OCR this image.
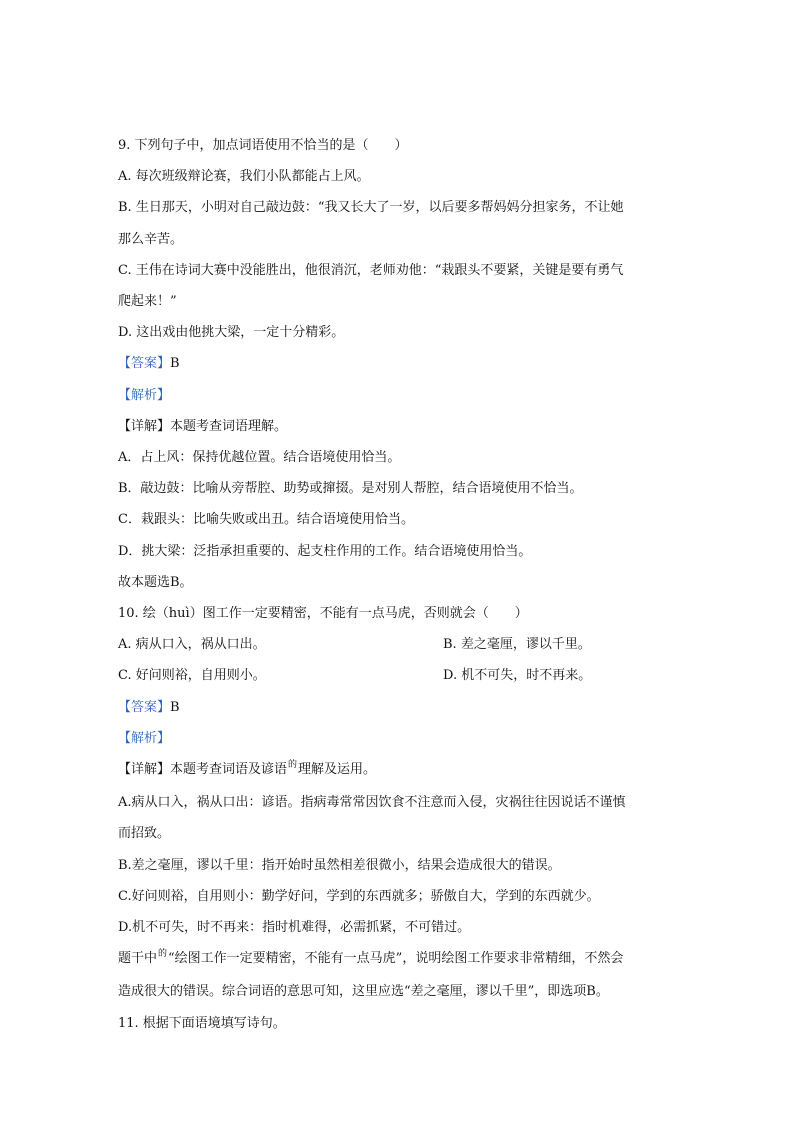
9. 下列句子中，加点词语使用不恰当的是（　　）
A. 每次班级辩论赛，我们小队都能占上风。
B. 生日那天，小明对自己敲边鼓：“我又长大了一岁，以后要多帮妈妈分担家务，不让她
那么辛苦。
C. 王伟在诗词大赛中没能胜出，他很消沉，老师劝他：“栽跟头不要紧，关键是要有勇气
爬起来！”
D. 这出戏由他挑大梁，一定十分精彩。
【答案】B
【解析】
【详解】本题考查词语理解。
A．占上风：保持优越位置。结合语境使用恰当。
B．敲边鼓：比喻从旁帮腔、助势或撺掇。是对别人帮腔，结合语境使用不恰当。
C．栽跟头：比喻失败或出丑。结合语境使用恰当。
D．挑大梁：泛指承担重要的、起支柱作用的工作。结合语境使用恰当。
故本题选B。
10. 绘（huì）图工作一定要精密，不能有一点马虎，否则就会（　　）
A. 病从口入，祸从口出。	B. 差之毫厘，谬以千里。
C. 好问则裕，自用则小。	D. 机不可失，时不再来。
【答案】B
【解析】
【详解】本题考查词语及谚语$^的$理解及运用。
A.病从口入，祸从口出：谚语。指病毒常常因饮食不注意而入侵，灾祸往往因说话不谨慎
而招致。
B.差之毫厘，谬以千里：指开始时虽然相差很微小，结果会造成很大的错误。
C.好问则裕，自用则小：勤学好问，学到的东西就多；骄傲自大，学到的东西就少。
D.机不可失，时不再来：指时机难得，必需抓紧，不可错过。
题干中$^的$“绘图工作一定要精密，不能有一点马虎”，说明绘图工作要求非常精细，不然会
造成很大的错误。综合词语的意思可知，这里应选“差之毫厘，谬以千里”，即选项B。
11. 根据下面语境填写诗句。
